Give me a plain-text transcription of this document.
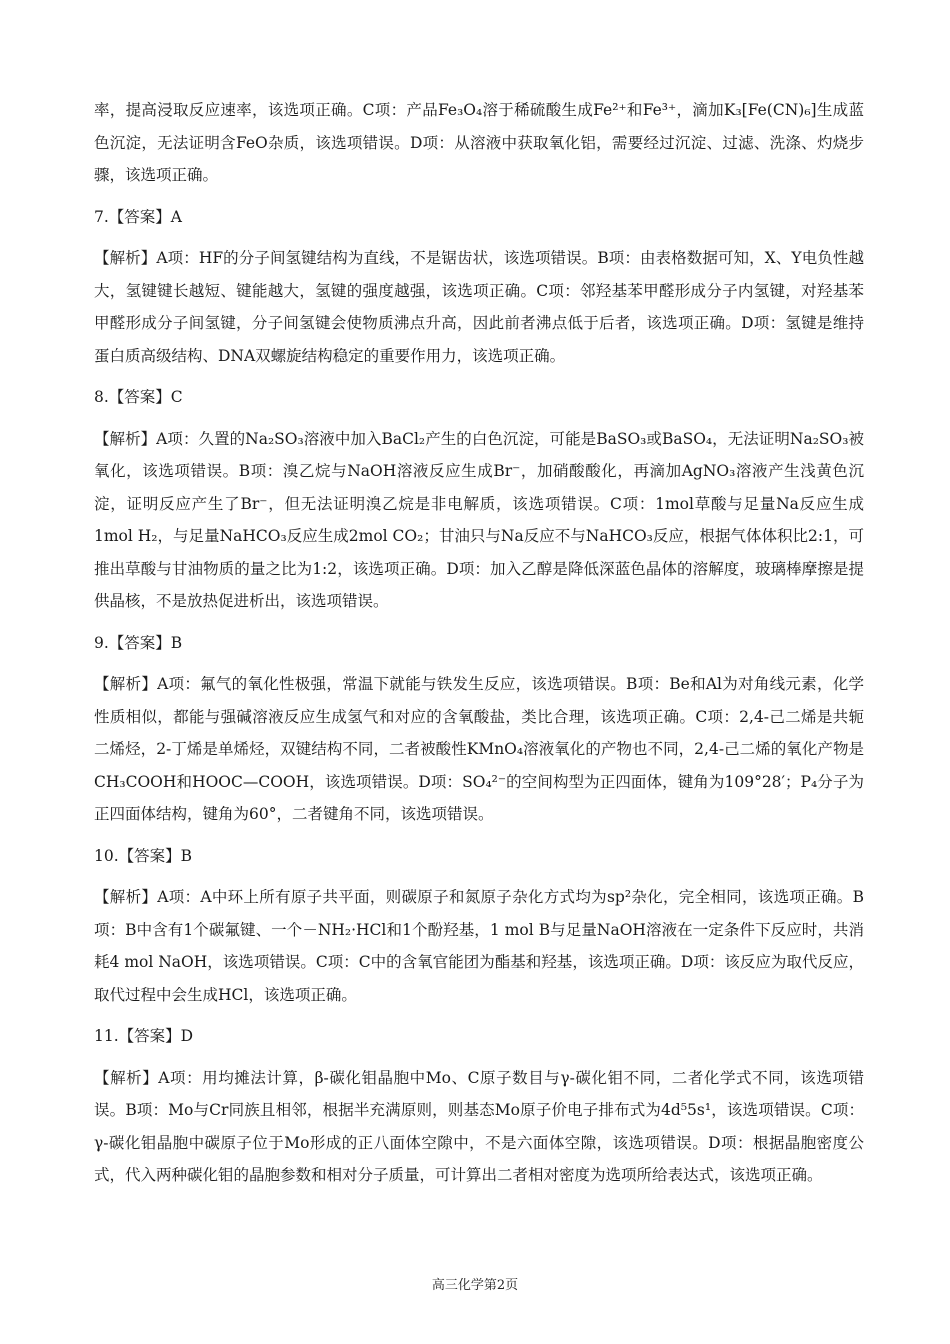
率，提高浸取反应速率，该选项正确。C项：产品Fe₃O₄溶于稀硫酸生成Fe²⁺和Fe³⁺，滴加K₃[Fe(CN)₆]生成蓝色沉淀，无法证明含FeO杂质，该选项错误。D项：从溶液中获取氧化铝，需要经过沉淀、过滤、洗涤、灼烧步骤，该选项正确。

7.【答案】A

【解析】A项：HF的分子间氢键结构为直线，不是锯齿状，该选项错误。B项：由表格数据可知，X、Y电负性越大，氢键键长越短、键能越大，氢键的强度越强，该选项正确。C项：邻羟基苯甲醛形成分子内氢键，对羟基苯甲醛形成分子间氢键，分子间氢键会使物质沸点升高，因此前者沸点低于后者，该选项正确。D项：氢键是维持蛋白质高级结构、DNA双螺旋结构稳定的重要作用力，该选项正确。

8.【答案】C

【解析】A项：久置的Na₂SO₃溶液中加入BaCl₂产生的白色沉淀，可能是BaSO₃或BaSO₄，无法证明Na₂SO₃被氧化，该选项错误。B项：溴乙烷与NaOH溶液反应生成Br⁻，加硝酸酸化，再滴加AgNO₃溶液产生浅黄色沉淀，证明反应产生了Br⁻，但无法证明溴乙烷是非电解质，该选项错误。C项：1mol草酸与足量Na反应生成1mol H₂，与足量NaHCO₃反应生成2mol CO₂；甘油只与Na反应不与NaHCO₃反应，根据气体体积比2:1，可推出草酸与甘油物质的量之比为1:2，该选项正确。D项：加入乙醇是降低深蓝色晶体的溶解度，玻璃棒摩擦是提供晶核，不是放热促进析出，该选项错误。

9.【答案】B

【解析】A项：氟气的氧化性极强，常温下就能与铁发生反应，该选项错误。B项：Be和Al为对角线元素，化学性质相似，都能与强碱溶液反应生成氢气和对应的含氧酸盐，类比合理，该选项正确。C项：2,4-己二烯是共轭二烯烃，2-丁烯是单烯烃，双键结构不同，二者被酸性KMnO₄溶液氧化的产物也不同，2,4-己二烯的氧化产物是CH₃COOH和HOOC—COOH，该选项错误。D项：SO₄²⁻的空间构型为正四面体，键角为109°28′；P₄分子为正四面体结构，键角为60°，二者键角不同，该选项错误。

10.【答案】B

【解析】A项：A中环上所有原子共平面，则碳原子和氮原子杂化方式均为sp²杂化，完全相同，该选项正确。B项：B中含有1个碳氟键、一个－NH₂·HCl和1个酚羟基，1 mol B与足量NaOH溶液在一定条件下反应时，共消耗4 mol NaOH，该选项错误。C项：C中的含氧官能团为酯基和羟基，该选项正确。D项：该反应为取代反应，取代过程中会生成HCl，该选项正确。

11.【答案】D

【解析】A项：用均摊法计算，β-碳化钼晶胞中Mo、C原子数目与γ-碳化钼不同，二者化学式不同，该选项错误。B项：Mo与Cr同族且相邻，根据半充满原则，则基态Mo原子价电子排布式为4d⁵5s¹，该选项错误。C项：γ-碳化钼晶胞中碳原子位于Mo形成的正八面体空隙中，不是六面体空隙，该选项错误。D项：根据晶胞密度公式，代入两种碳化钼的晶胞参数和相对分子质量，可计算出二者相对密度为选项所给表达式，该选项正确。

高三化学第2页
